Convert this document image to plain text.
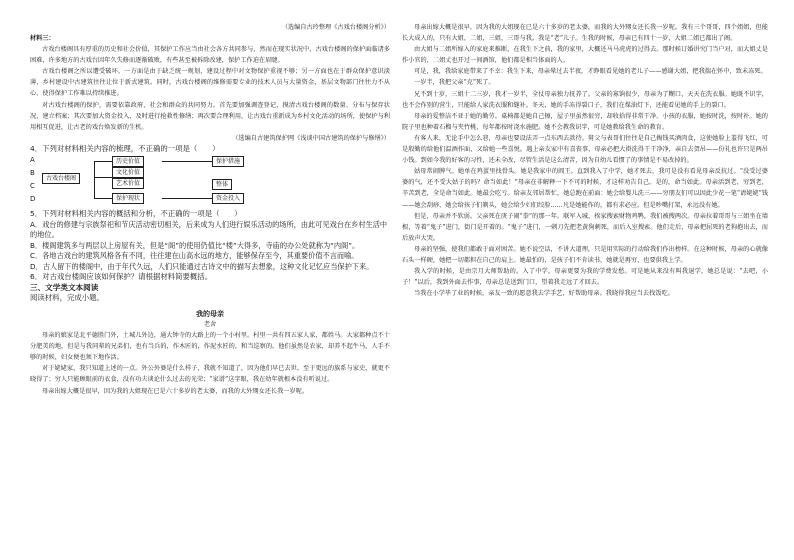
（选编自古玲整理《古戏台楼阁分析》）

材料三：

古戏台楼阁具有厚重的历史和社会价值，其保护工作应当由社会各方共同参与，然而在现实状况中，古戏台楼阁的保护面临诸多困难，许多地方的古戏台因年久失修而逐渐破败，有些甚至被拆除改建，保护工作迫在眉睫。

古戏台楼阁之所以遭受破坏，一方面是由于缺乏统一规划，建设过程中对文物保护重视不够；另一方面也在于群众保护意识淡薄，乡村建设中古建筑往往让位于新式建筑。同时，古戏台楼阁的维修需要专业的技术人员与大量资金，基层文物部门往往力不从心，使得保护工作难以持续推进。

对古戏台楼阁的保护，需要依靠政府、社会和群众的共同努力。首先要加强调查登记，摸清古戏台楼阁的数量、分布与保存状况，建立档案；其次要加大资金投入，及时进行抢救性修缮；再次要合理利用，让古戏台重新成为乡村文化活动的场所，使保护与利用相互促进，让古老的戏台焕发新的生机。

（选编自古建筑保护网《浅谈中国古建筑的保护与修缮》）

4．下列对材料相关内容的梳理，不正确的一项是（　　）

A
B
C
D
古戏台楼阁
历史价值
文化价值
艺术价值
保护现状
保护措施
整体
资金投入

5．下列对材料相关内容的概括和分析，不正确的一项是（　　）

A．戏台的修建与宗族祭祀和节庆活动密切相关，后来成为人们进行娱乐活动的场所，由此可见戏台在乡村生活中的地位。

B．楼阁建筑多与两层以上房屋有关，但是“阁”的使用仍值比“楼”大得多，寺庙的办公处就称为“内阁”。

C．各地古戏台的建筑风格各有不同，往往建在山高水远的地方，能够保存至今，其重要价值不言而喻。

D．古人留下的楼阁中，由于年代久远，人们只能通过古诗文中的描写去想象，这种文化记忆应当保护下来。

6．对古戏台楼阁应该如何保护？请根据材料简要概括。

三、文学类文本阅读

阅读材料，完成小题。

我的母亲
老舍

母亲的娘家是北平德胜门外，土城儿外边，通大钟寺的大路上的一个小村里。村里一共有四五家人家，都姓马。大家都种点不十分肥美的地，但是与我同辈的兄弟们，也有当兵的，作木匠的，作泥水匠的，和当巡察的。他们虽然是农家，却养不起牛马，人手不够的时候，妇女便也须下地作活。

对于姥姥家，我只知道上述的一点。外公外婆是什么样子，我就不知道了，因为他们早已去世。至于更远的族系与家史，就更不晓得了；穷人只能顾眼前的衣食，没有功夫谈论什么过去的光荣；“家谱”这字眼，我在幼年就根本没有听说过。

母亲出嫁大概是很早，因为我的大姐现在已是六十多岁的老太婆，而我的大外甥女还长我一岁呢。

母亲出嫁大概是很早，因为我的大姐现在已是六十多岁的老太婆，而我的大外甥女还长我一岁呢。我有三个哥哥，四个姐姐，但能长大成人的，只有大姐，二姐，三姐，三哥与我。我是“老”儿子。生我的时候，母亲已有四十一岁，大姐二姐已都出了阁。

由大姐与二姐所嫁入的家庭来推断，在我生下之前，我的家里，大概还马马虎虎的过得去。那时候订婚讲究门当户对，而大姐丈是作小官的，二姐丈也开过一间酒馆，他们都是相当体面的人。

可是，我，我给家庭带来了不幸：我生下来，母亲晕过去半夜，才睁眼看见她的老儿子——感谢大姐，把我揣在怀中，致未冻死。

一岁半，我把父亲“克”死了。

兄不到十岁，三姐十二三岁，我才一岁半，全仗母亲独力抚养了。父亲的寡饷很少，母亲为了糊口，天天在洗衣服。她既不识字，也不会作别的营生，只能给人家洗衣服和缝补。冬天，她的手冻得裂口子，我们在煤油灯下，还能看见她的手上的裂口。

母亲的爱整洁不亚于她的勤劳。桌椅都是她自己擦，屋子里虽然很穷，却收拾得非常干净。小孩的衣服，她按时洗，按时补。她的院子里也种着石榴与夹竹桃，每年都按时浇水施肥。她不会教我识字，可是她教给我生命的教育。

有客人来，无论手中怎么窘，母亲也要设法弄一点东西去款待。舅父与表哥们往往是自己掏钱买酒肉食，这使她脸上羞得飞红，可是殷勤的给他们温酒作面，又给她一些喜悦。遇上亲友家中有喜丧事，母亲必把大褂洗得干干净净，亲自去贺吊——份礼也许只是两吊小钱。到如今我的好客的习性，还未全改，尽管生活是这么清苦，因为自幼儿看惯了的事情是不易改掉的。

姑母常闹脾气。她单在鸡蛋里找骨头。她是我家中的阎王。直到我入了中学，她才死去，我可是没有看见母亲反抗过。“没受过婆婆的气，还不受大姑子的吗？命当如此！”母亲在非解释一下不可的时候，才这样劝告自己。是的，命当如此。母亲活到老，穷到老，辛苦到老，全是命当如此。她最会吃亏。给亲友邻居帮忙，她总跑在前面：她会给婴儿洗三——穷朋友们可以因此少花一笔“请姥姥”钱——她会刮痧，她会给孩子们剃头，她会给少妇们绞脸……凡是她能作的，都有求必应。但是吵嘴打架，永远没有她。

但是，母亲并不软弱。父亲死在庚子闹“拳”的那一年。联军入城，挨家搜索财物鸡鸭，我们被搜两次。母亲拉着哥哥与三姐坐在墙根，等着“鬼子”进门，街门是开着的。“鬼子”进门，一刺刀先把老黄狗刺死，而后入室搜索。他们走后，母亲把屈死的老狗抱出去，而后放声大哭。

母亲的坚强，使我们都敢于面对困苦。她不说空话，不讲大道理，只是用实际的行动给我们作出榜样。在这种时候，母亲的心就像石头一样硬，她把一切都担在自己的肩上。她最怕的，是孩子们不肯读书，她就是再穷，也要供我上学。

我入学的时候，是由宗月大师帮助的。入了中学，母亲更要为我的学费发愁。可是她从来没有叫我退学，她总是说：“去吧，小子！”以后，我到外面去作事，母亲总是送到门口，望着我走远了才回去。

当我在小学毕了业的时候，亲友一致的愿意我去学手艺，好帮助母亲。我晓得我应当去找饭吃。
